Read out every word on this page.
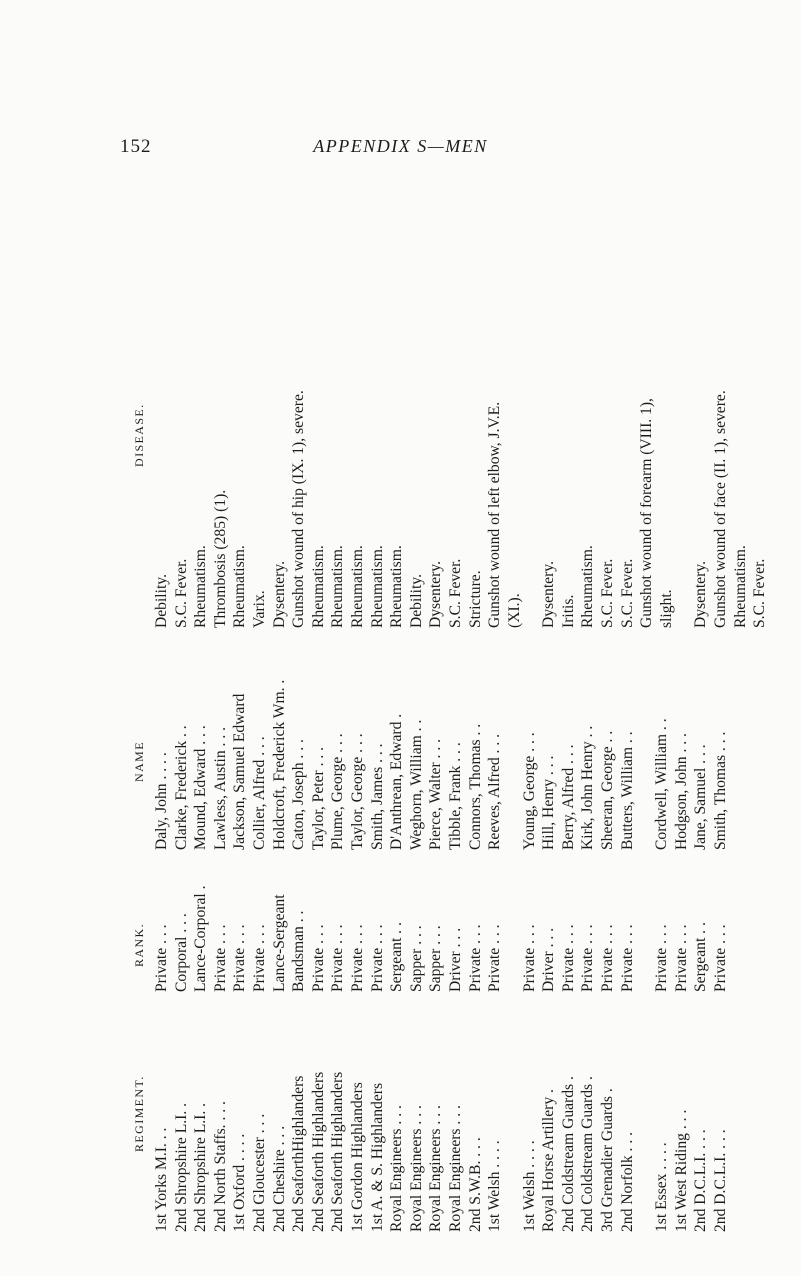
152	APPENDIX S—MEN
REGIMENT.
RANK.
NAME
DISEASE.
1st Yorks M.I. . . 2nd Shropshire L.I. . 2nd Shropshire L.I. . 2nd North Staffs. . . . 1st Oxford . . . . 2nd Gloucester . . . 2nd Cheshire . . . 2nd SeaforthHighlanders 2nd Seaforth Highlanders 2nd Seaforth Highlanders 1st Gordon Highlanders 1st A. & S. Highlanders Royal Engineers . . . Royal Engineers . . . Royal Engineers . . . Royal Engineers . . . 2nd S.W.B. . . . 1st Welsh . . . . 1st Welsh . . . . Royal Horse Artillery . 2nd Coldstream Guards . 2nd Coldstream Guards . 3rd Grenadier Guards . 2nd Norfolk . . . 1st Essex . . . . 1st West Riding . . . 2nd D.C.L.I. . . . 2nd D.C.L.I. . . .
Private . . . Corporal . . . Lance-Corporal . Private . . . Private . . . Private . . . Lance-Sergeant Bandsman . . Private . . . Private . . . Private . . . Private . . . Sergeant . . Sapper . . . Sapper . . . Driver . . . Private . . . Private . . . Private . . . Driver . . . Private . . . Private . . . Private . . . Private . . . Private . . . Private . . . Sergeant . . Private . . .
Daly, John . . . . Clarke, Frederick . . Mound, Edward . . . Lawless, Austin . . . Jackson, Samuel Edward Collier, Alfred . . . Holdcroft, Frederick Wm. . Caton, Joseph . . . Taylor, Peter . . . Plume, George . . . Taylor, George . . . Smith, James . . . D'Anthrean, Edward . Weghorn, William . . Pierce, Walter . . . Tibble, Frank . . . Connors, Thomas . . Reeves, Alfred . . . Young, George . . . Hill, Henry . . . Berry, Alfred . . . Kirk, John Henry . . Sheeran, George . . Butters, William . . Cordwell, William . . Hodgson, John . . . Jane, Samuel . . . Smith, Thomas . . .
Debility. S.C. Fever. Rheumatism. Thrombosis (285) (1). Rheumatism. Varix. Dysentery. Gunshot wound of hip (IX. 1), severe. Rheumatism. Rheumatism. Rheumatism. Rheumatism. Rheumatism. Debility. Dysentery. S.C. Fever. Stricture. Gunshot wound of left elbow, J.V.E. (XI.). Dysentery. Iritis. Rheumatism. S.C. Fever. S.C. Fever. Gunshot wound of forearm (VIII. 1), slight. Dysentery. Gunshot wound of face (II. 1), severe. Rheumatism. S.C. Fever.
